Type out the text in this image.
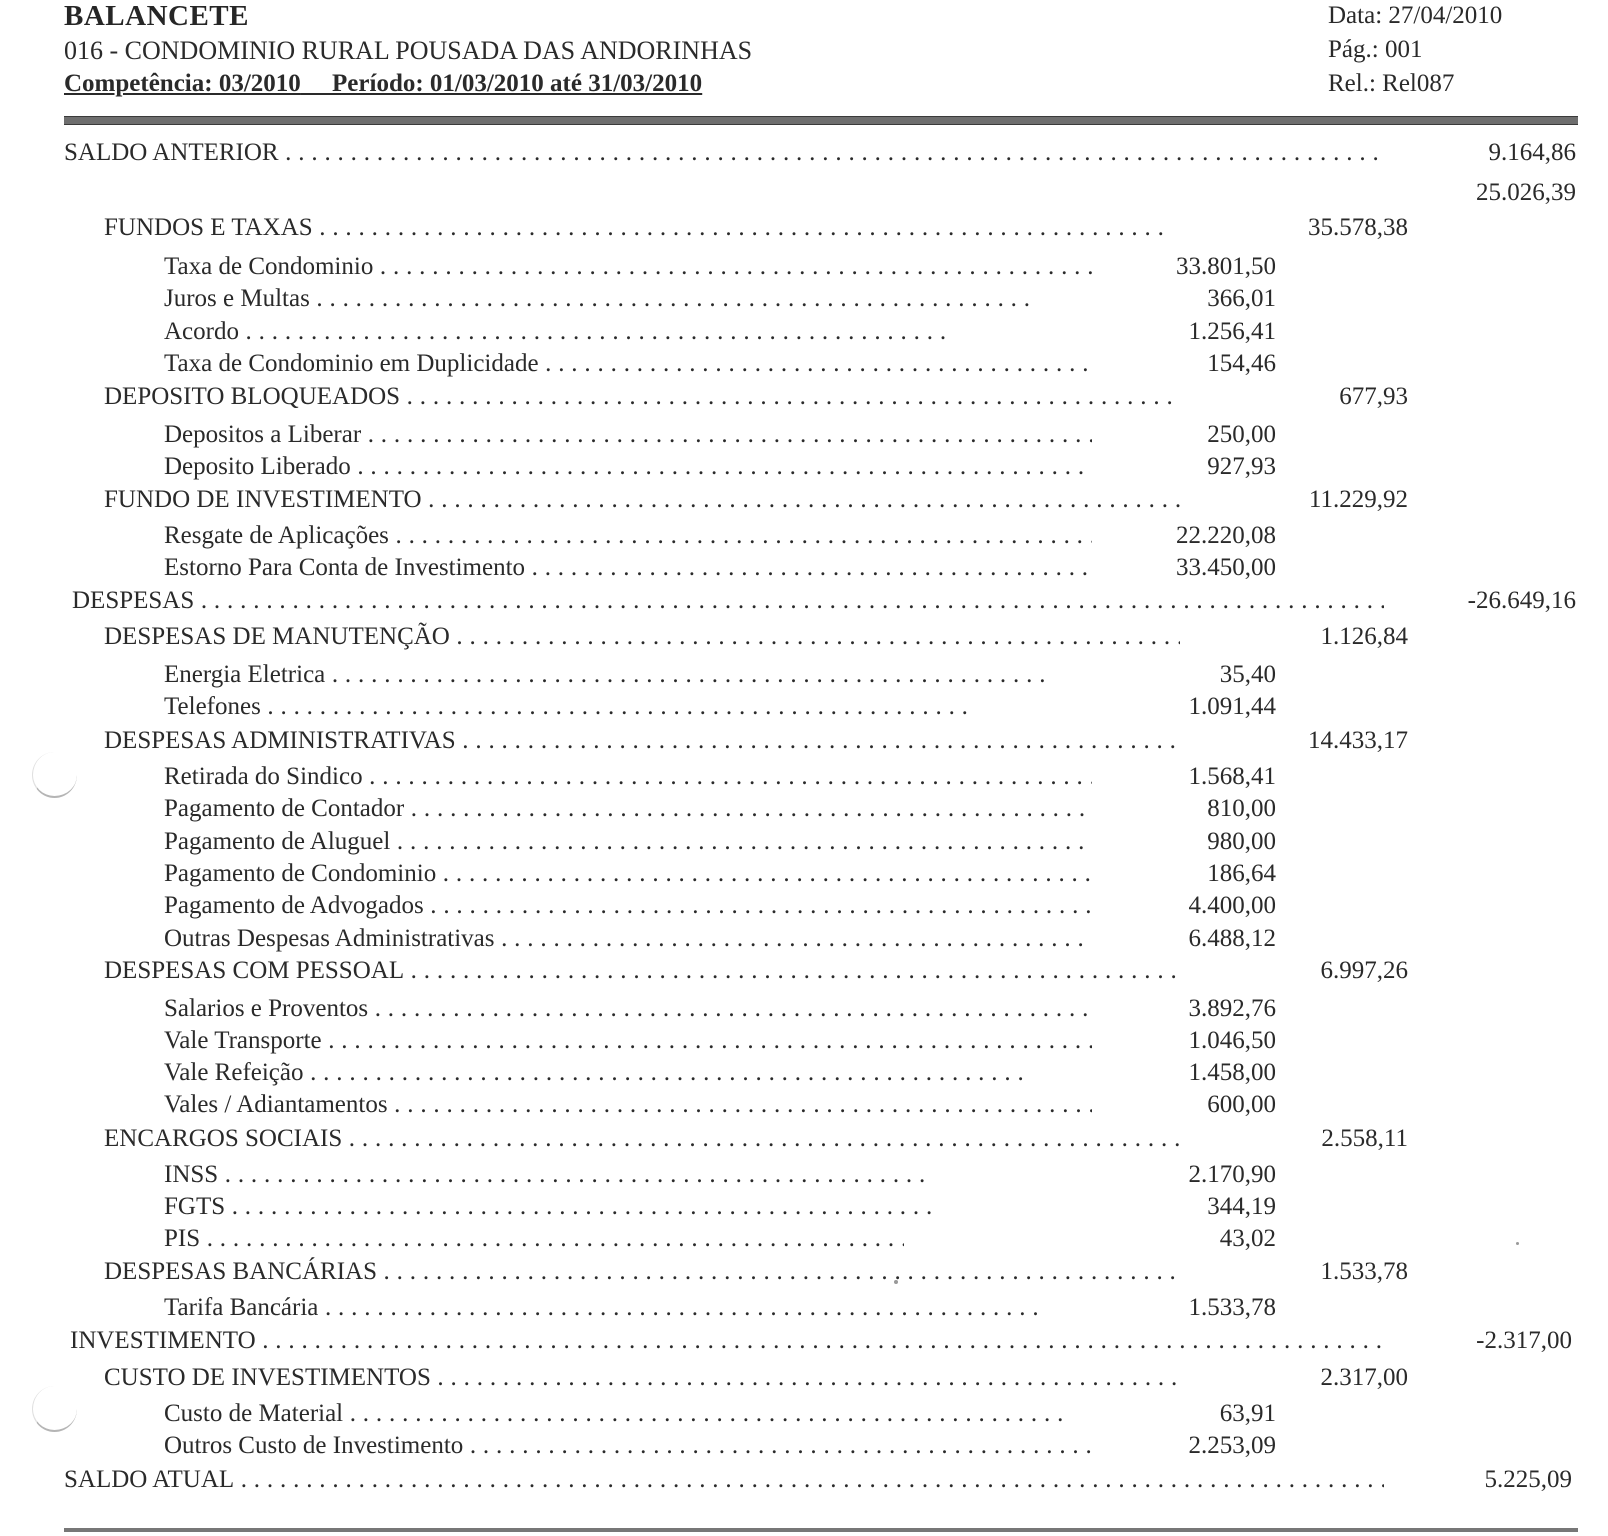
BALANCETE
016 - CONDOMINIO RURAL POUSADA DAS ANDORINHAS
Competência: 03/2010 Período: 01/03/2010 até 31/03/2010
Data: 27/04/2010
Pág.: 001
Rel.: Rel087
SALDO ANTERIOR . . .	9.164,86
25.026,39
FUNDOS E TAXAS . . .	35.578,38
Taxa de Condominio . . .	33.801,50
Juros e Multas . . .	366,01
Acordo . . .	1.256,41
Taxa de Condominio em Duplicidade . . .	154,46
DEPOSITO BLOQUEADOS . . .	677,93
Depositos a Liberar . . .	250,00
Deposito Liberado . . .	927,93
FUNDO DE INVESTIMENTO . . .	11.229,92
Resgate de Aplicações . . .	22.220,08
Estorno Para Conta de Investimento . . .	33.450,00
DESPESAS . . .	-26.649,16
DESPESAS DE MANUTENÇÃO . . .	1.126,84
Energia Eletrica . . .	35,40
Telefones . . .	1.091,44
DESPESAS ADMINISTRATIVAS . . .	14.433,17
Retirada do Sindico . . .	1.568,41
Pagamento de Contador . . .	810,00
Pagamento de Aluguel . . .	980,00
Pagamento de Condominio . . .	186,64
Pagamento de Advogados . . .	4.400,00
Outras Despesas Administrativas . . .	6.488,12
DESPESAS COM PESSOAL . . .	6.997,26
Salarios e Proventos . . .	3.892,76
Vale Transporte . . .	1.046,50
Vale Refeição . . .	1.458,00
Vales / Adiantamentos . . .	600,00
ENCARGOS SOCIAIS . . .	2.558,11
INSS . . .	2.170,90
FGTS . . .	344,19
PIS . . .	43,02
DESPESAS BANCÁRIAS . . .	1.533,78
Tarifa Bancária . . .	1.533,78
INVESTIMENTO . . .	-2.317,00
CUSTO DE INVESTIMENTOS . . .	2.317,00
Custo de Material . . .	63,91
Outros Custo de Investimento . . .	2.253,09
SALDO ATUAL . . .	5.225,09
